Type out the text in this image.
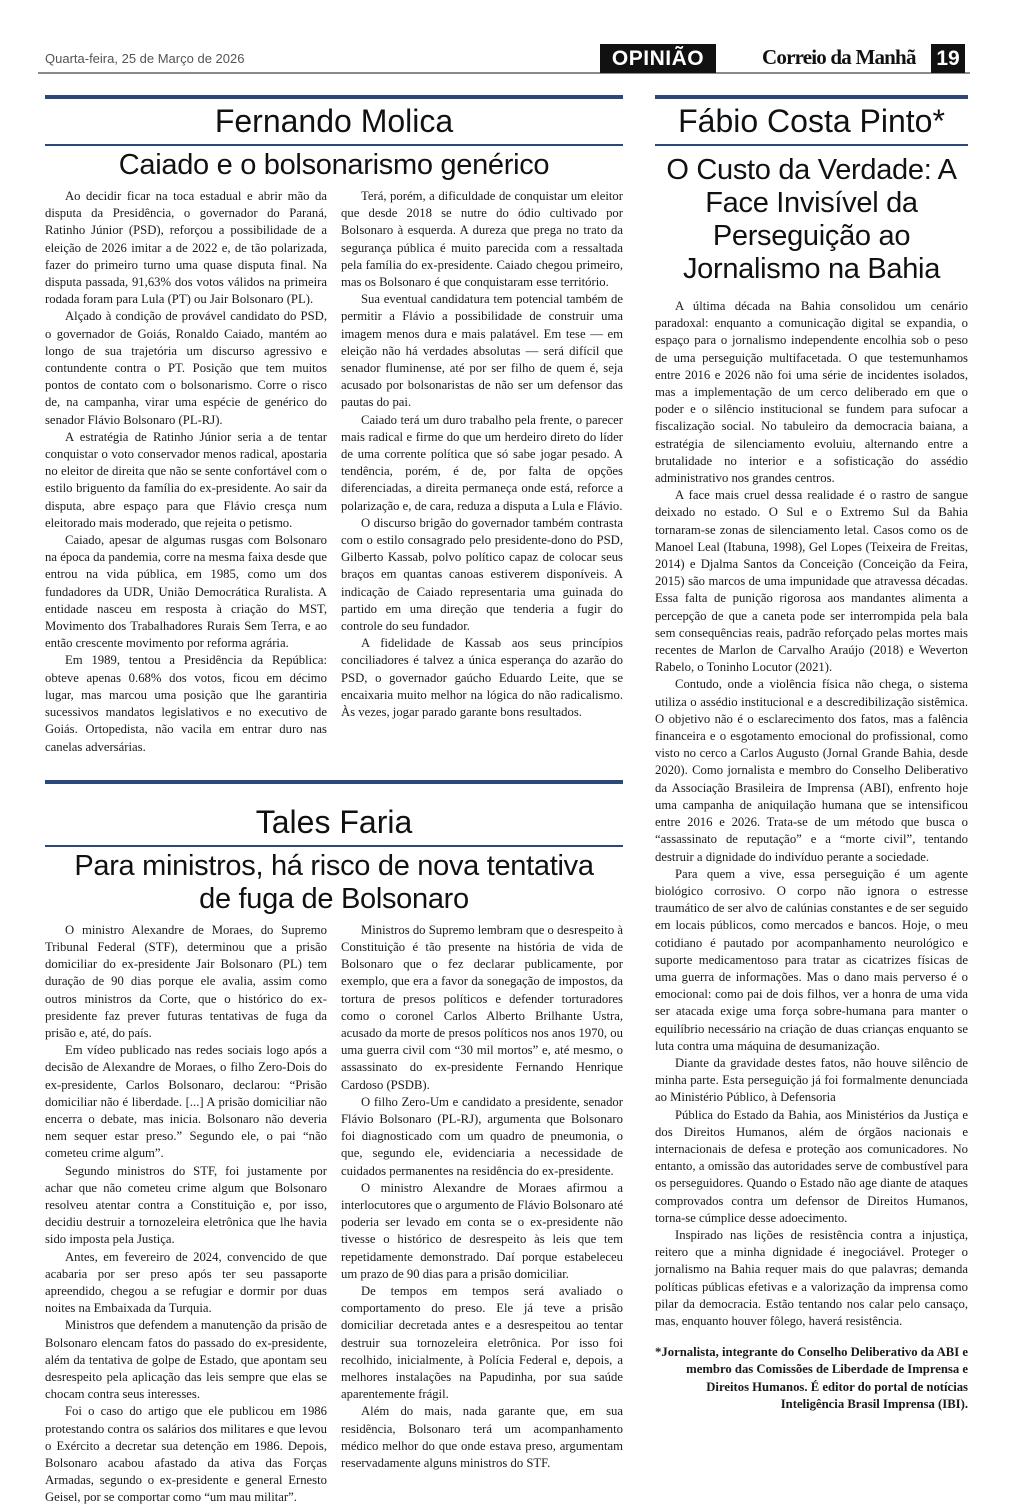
Quarta-feira, 25 de Março de 2026	OPINIÃO	Correio da Manhã 19
Fernando Molica
Caiado e o bolsonarismo genérico

Ao decidir ficar na toca estadual e abrir mão da disputa da Presidência, o governador do Paraná, Ratinho Júnior (PSD), reforçou a possibilidade de a eleição de 2026 imitar a de 2022 e, de tão polarizada, fazer do primeiro turno uma quase disputa final. Na disputa passada, 91,63% dos votos válidos na primeira rodada foram para Lula (PT) ou Jair Bolsonaro (PL).

Alçado à condição de provável candidato do PSD, o governador de Goiás, Ronaldo Caiado, mantém ao longo de sua trajetória um discurso agressivo e contundente contra o PT. Posição que tem muitos pontos de contato com o bolsonarismo. Corre o risco de, na campanha, virar uma espécie de genérico do senador Flávio Bolsonaro (PL-RJ).

A estratégia de Ratinho Júnior seria a de tentar conquistar o voto conservador menos radical, apostaria no eleitor de direita que não se sente confortável com o estilo briguento da família do ex-presidente. Ao sair da disputa, abre espaço para que Flávio cresça num eleitorado mais moderado, que rejeita o petismo.

Caiado, apesar de algumas rusgas com Bolsonaro na época da pandemia, corre na mesma faixa desde que entrou na vida pública, em 1985, como um dos fundadores da UDR, União Democrática Ruralista. A entidade nasceu em resposta à criação do MST, Movimento dos Trabalhadores Rurais Sem Terra, e ao então crescente movimento por reforma agrária.

Em 1989, tentou a Presidência da República: obteve apenas 0.68% dos votos, ficou em décimo lugar, mas marcou uma posição que lhe garantiria sucessivos mandatos legislativos e no executivo de Goiás. Ortopedista, não vacila em entrar duro nas canelas adversárias.

Terá, porém, a dificuldade de conquistar um eleitor que desde 2018 se nutre do ódio cultivado por Bolsonaro à esquerda. A dureza que prega no trato da segurança pública é muito parecida com a ressaltada pela família do ex-presidente. Caiado chegou primeiro, mas os Bolsonaro é que conquistaram esse território.

Sua eventual candidatura tem potencial também de permitir a Flávio a possibilidade de construir uma imagem menos dura e mais palatável. Em tese — em eleição não há verdades absolutas — será difícil que senador fluminense, até por ser filho de quem é, seja acusado por bolsonaristas de não ser um defensor das pautas do pai.

Caiado terá um duro trabalho pela frente, o parecer mais radical e firme do que um herdeiro direto do líder de uma corrente política que só sabe jogar pesado. A tendência, porém, é de, por falta de opções diferenciadas, a direita permaneça onde está, reforce a polarização e, de cara, reduza a disputa a Lula e Flávio.

O discurso brigão do governador também contrasta com o estilo consagrado pelo presidente-dono do PSD, Gilberto Kassab, polvo político capaz de colocar seus braços em quantas canoas estiverem disponíveis. A indicação de Caiado representaria uma guinada do partido em uma direção que tenderia a fugir do controle do seu fundador.

A fidelidade de Kassab aos seus princípios conciliadores é talvez a única esperança do azarão do PSD, o governador gaúcho Eduardo Leite, que se encaixaria muito melhor na lógica do não radicalismo. Às vezes, jogar parado garante bons resultados.

Tales Faria
Para ministros, há risco de nova tentativa de fuga de Bolsonaro

O ministro Alexandre de Moraes, do Supremo Tribunal Federal (STF), determinou que a prisão domiciliar do ex-presidente Jair Bolsonaro (PL) tem duração de 90 dias porque ele avalia, assim como outros ministros da Corte, que o histórico do ex-presidente faz prever futuras tentativas de fuga da prisão e, até, do país.

Em vídeo publicado nas redes sociais logo após a decisão de Alexandre de Moraes, o filho Zero-Dois do ex-presidente, Carlos Bolsonaro, declarou: “Prisão domiciliar não é liberdade. [...] A prisão domiciliar não encerra o debate, mas inicia. Bolsonaro não deveria nem sequer estar preso.” Segundo ele, o pai “não cometeu crime algum”.

Segundo ministros do STF, foi justamente por achar que não cometeu crime algum que Bolsonaro resolveu atentar contra a Constituição e, por isso, decidiu destruir a tornozeleira eletrônica que lhe havia sido imposta pela Justiça.

Antes, em fevereiro de 2024, convencido de que acabaria por ser preso após ter seu passaporte apreendido, chegou a se refugiar e dormir por duas noites na Embaixada da Turquia.

Ministros que defendem a manutenção da prisão de Bolsonaro elencam fatos do passado do ex-presidente, além da tentativa de golpe de Estado, que apontam seu desrespeito pela aplicação das leis sempre que elas se chocam contra seus interesses.

Foi o caso do artigo que ele publicou em 1986 protestando contra os salários dos militares e que levou o Exército a decretar sua detenção em 1986. Depois, Bolsonaro acabou afastado da ativa das Forças Armadas, segundo o ex-presidente e general Ernesto Geisel, por se comportar como “um mau militar”.

Ministros do Supremo lembram que o desrespeito à Constituição é tão presente na história de vida de Bolsonaro que o fez declarar publicamente, por exemplo, que era a favor da sonegação de impostos, da tortura de presos políticos e defender torturadores como o coronel Carlos Alberto Brilhante Ustra, acusado da morte de presos políticos nos anos 1970, ou uma guerra civil com “30 mil mortos” e, até mesmo, o assassinato do ex-presidente Fernando Henrique Cardoso (PSDB).

O filho Zero-Um e candidato a presidente, senador Flávio Bolsonaro (PL-RJ), argumenta que Bolsonaro foi diagnosticado com um quadro de pneumonia, o que, segundo ele, evidenciaria a necessidade de cuidados permanentes na residência do ex-presidente.

O ministro Alexandre de Moraes afirmou a interlocutores que o argumento de Flávio Bolsonaro até poderia ser levado em conta se o ex-presidente não tivesse o histórico de desrespeito às leis que tem repetidamente demonstrado. Daí porque estabeleceu um prazo de 90 dias para a prisão domiciliar.

De tempos em tempos será avaliado o comportamento do preso. Ele já teve a prisão domiciliar decretada antes e a desrespeitou ao tentar destruir sua tornozeleira eletrônica. Por isso foi recolhido, inicialmente, à Polícia Federal e, depois, a melhores instalações na Papudinha, por sua saúde aparentemente frágil.

Além do mais, nada garante que, em sua residência, Bolsonaro terá um acompanhamento médico melhor do que onde estava preso, argumentam reservadamente alguns ministros do STF.

Fábio Costa Pinto*
O Custo da Verdade: A Face Invisível da Perseguição ao Jornalismo na Bahia

A última década na Bahia consolidou um cenário paradoxal: enquanto a comunicação digital se expandia, o espaço para o jornalismo independente encolhia sob o peso de uma perseguição multifacetada. O que testemunhamos entre 2016 e 2026 não foi uma série de incidentes isolados, mas a implementação de um cerco deliberado em que o poder e o silêncio institucional se fundem para sufocar a fiscalização social. No tabuleiro da democracia baiana, a estratégia de silenciamento evoluiu, alternando entre a brutalidade no interior e a sofisticação do assédio administrativo nos grandes centros.

A face mais cruel dessa realidade é o rastro de sangue deixado no estado. O Sul e o Extremo Sul da Bahia tornaram-se zonas de silenciamento letal. Casos como os de Manoel Leal (Itabuna, 1998), Gel Lopes (Teixeira de Freitas, 2014) e Djalma Santos da Conceição (Conceição da Feira, 2015) são marcos de uma impunidade que atravessa décadas. Essa falta de punição rigorosa aos mandantes alimenta a percepção de que a caneta pode ser interrompida pela bala sem consequências reais, padrão reforçado pelas mortes mais recentes de Marlon de Carvalho Araújo (2018) e Weverton Rabelo, o Toninho Locutor (2021).

Contudo, onde a violência física não chega, o sistema utiliza o assédio institucional e a descredibilização sistêmica. O objetivo não é o esclarecimento dos fatos, mas a falência financeira e o esgotamento emocional do profissional, como visto no cerco a Carlos Augusto (Jornal Grande Bahia, desde 2020). Como jornalista e membro do Conselho Deliberativo da Associação Brasileira de Imprensa (ABI), enfrento hoje uma campanha de aniquilação humana que se intensificou entre 2016 e 2026. Trata-se de um método que busca o “assassinato de reputação” e a “morte civil”, tentando destruir a dignidade do indivíduo perante a sociedade.

Para quem a vive, essa perseguição é um agente biológico corrosivo. O corpo não ignora o estresse traumático de ser alvo de calúnias constantes e de ser seguido em locais públicos, como mercados e bancos. Hoje, o meu cotidiano é pautado por acompanhamento neurológico e suporte medicamentoso para tratar as cicatrizes físicas de uma guerra de informações. Mas o dano mais perverso é o emocional: como pai de dois filhos, ver a honra de uma vida ser atacada exige uma força sobre-humana para manter o equilíbrio necessário na criação de duas crianças enquanto se luta contra uma máquina de desumanização.

Diante da gravidade destes fatos, não houve silêncio de minha parte. Esta perseguição já foi formalmente denunciada ao Ministério Público, à Defensoria

Pública do Estado da Bahia, aos Ministérios da Justiça e dos Direitos Humanos, além de órgãos nacionais e internacionais de defesa e proteção aos comunicadores. No entanto, a omissão das autoridades serve de combustível para os perseguidores. Quando o Estado não age diante de ataques comprovados contra um defensor de Direitos Humanos, torna-se cúmplice desse adoecimento.

Inspirado nas lições de resistência contra a injustiça, reitero que a minha dignidade é inegociável. Proteger o jornalismo na Bahia requer mais do que palavras; demanda políticas públicas efetivas e a valorização da imprensa como pilar da democracia. Estão tentando nos calar pelo cansaço, mas, enquanto houver fôlego, haverá resistência.

*Jornalista, integrante do Conselho Deliberativo da ABI e membro das Comissões de Liberdade de Imprensa e Direitos Humanos. É editor do portal de notícias Inteligência Brasil Imprensa (IBI).
